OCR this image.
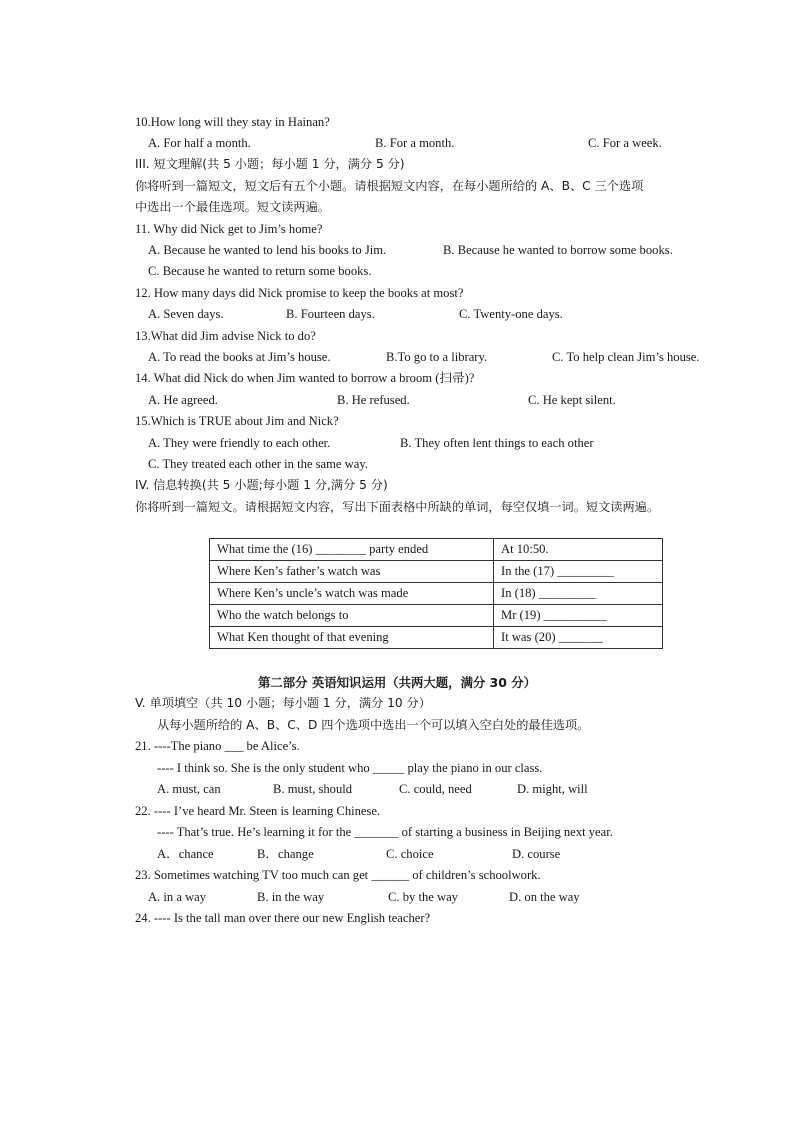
10.How long will they stay in Hainan?
A. For half a month.	B. For a month.	C. For a week.
III. 短文理解(共 5 小题；每小题 1 分，满分 5 分)
你将听到一篇短文，短文后有五个小题。请根据短文内容，在每小题所给的 A、B、C 三个选项
中选出一个最佳选项。短文读两遍。
11. Why did Nick get to Jim’s home?
A. Because he wanted to lend his books to Jim.	B. Because he wanted to borrow some books.
C. Because he wanted to return some books.
12. How many days did Nick promise to keep the books at most?
A. Seven days.	B. Fourteen days.	C. Twenty-one days.
13.What did Jim advise Nick to do?
A. To read the books at Jim’s house.	B.To go to a library.	C. To help clean Jim’s house.
14. What did Nick do when Jim wanted to borrow a broom (扫帚)?
A. He agreed.	B. He refused.	C. He kept silent.
15.Which is TRUE about Jim and Nick?
A. They were friendly to each other.	B. They often lent things to each other
C. They treated each other in the same way.
IV. 信息转换(共 5 小题;每小题 1 分,满分 5 分)
你将听到一篇短文。请根据短文内容，写出下面表格中所缺的单词，每空仅填一词。短文读两遍。
What time the (16) ________ party ended	At 10:50.
Where Ken’s father’s watch was	In the (17) _________
Where Ken’s uncle’s watch was made	In (18) _________
Who the watch belongs to	Mr (19) __________
What Ken thought of that evening	It was (20) _______
第二部分 英语知识运用（共两大题，满分 30 分）
V. 单项填空（共 10 小题；每小题 1 分，满分 10 分）
从每小题所给的 A、B、C、D 四个选项中选出一个可以填入空白处的最佳选项。
21. ----The piano ___ be Alice’s.
---- I think so. She is the only student who _____ play the piano in our class.
A. must, can	B. must, should	C. could, need	D. might, will
22. ---- I’ve heard Mr. Steen is learning Chinese.
---- That’s true. He’s learning it for the _______ of starting a business in Beijing next year.
A．chance	B．change	C. choice	D. course
23. Sometimes watching TV too much can get ______ of children’s schoolwork.
A. in a way	B. in the way	C. by the way	D. on the way
24. ---- Is the tall man over there our new English teacher?
